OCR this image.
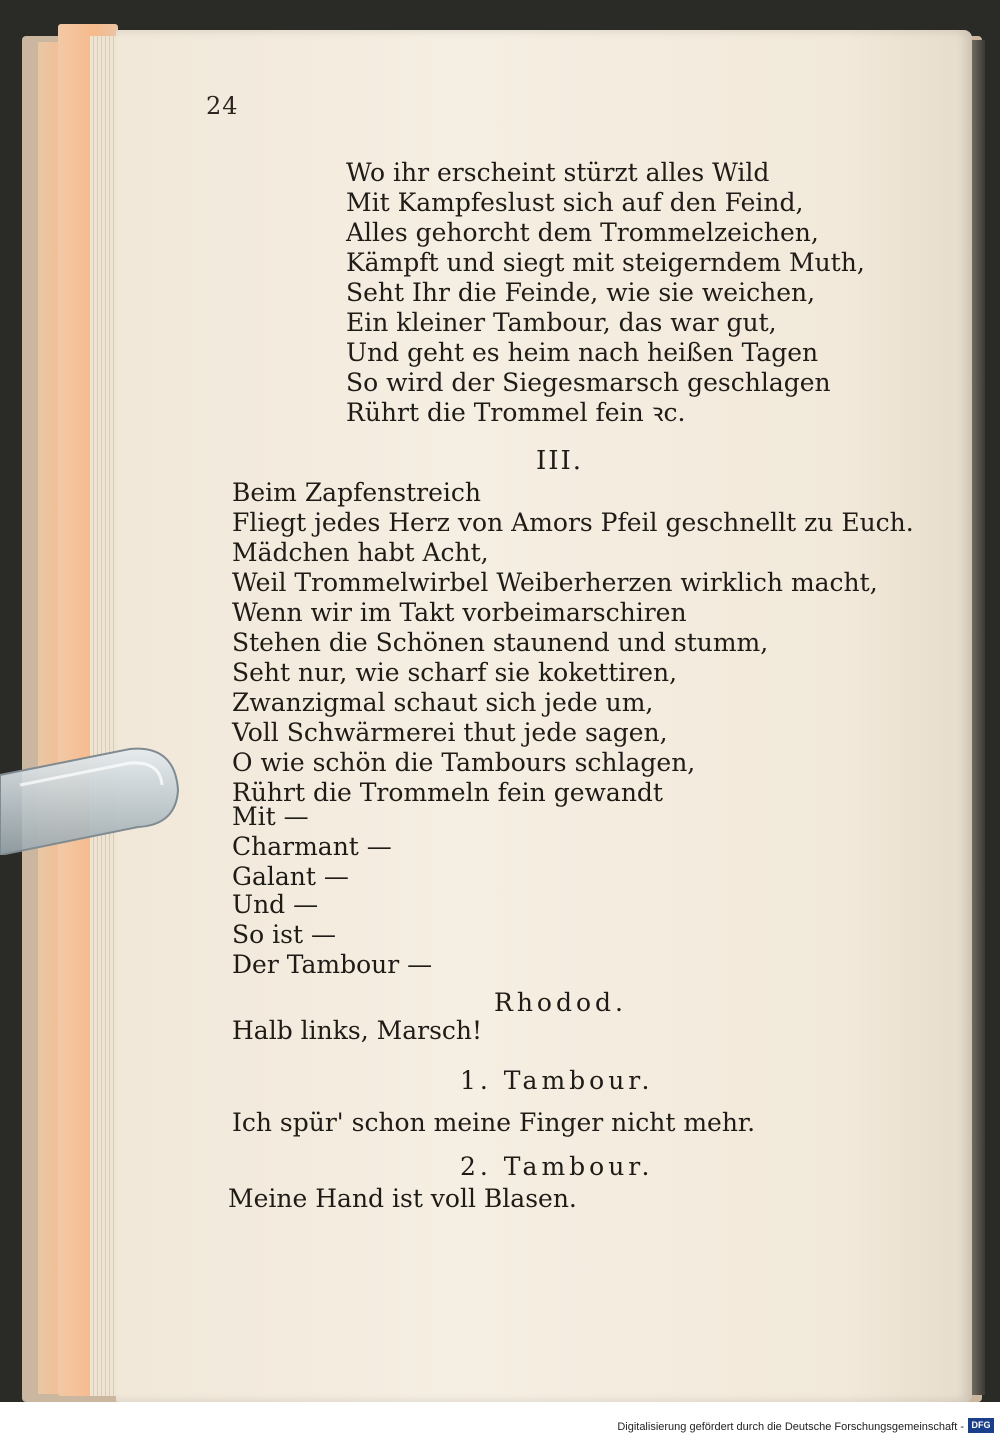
24
Wo ihr erscheint stürzt alles Wild
Mit Kampfeslust sich auf den Feind,
Alles gehorcht dem Trommelzeichen,
Kämpft und siegt mit steigerndem Muth,
Seht Ihr die Feinde, wie sie weichen,
Ein kleiner Tambour, das war gut,
Und geht es heim nach heißen Tagen
So wird der Siegesmarsch geschlagen
Rührt die Trommel fein ꝛc.
III.
Beim Zapfenstreich
Fliegt jedes Herz von Amors Pfeil geschnellt zu Euch.
Mädchen habt Acht,
Weil Trommelwirbel Weiberherzen wirklich macht,
Wenn wir im Takt vorbeimarschiren
Stehen die Schönen staunend und stumm,
Seht nur, wie scharf sie kokettiren,
Zwanzigmal schaut sich jede um,
Voll Schwärmerei thut jede sagen,
O wie schön die Tambours schlagen,
Rührt die Trommeln fein gewandt
Mit —
Charmant —
Galant —
Und —
So ist —
Der Tambour —
Rhodod.
Halb links, Marsch!
1. Tambour.
Ich spür' schon meine Finger nicht mehr.
2. Tambour.
Meine Hand ist voll Blasen.
Digitalisierung gefördert durch die Deutsche Forschungsgemeinschaft - DFG
